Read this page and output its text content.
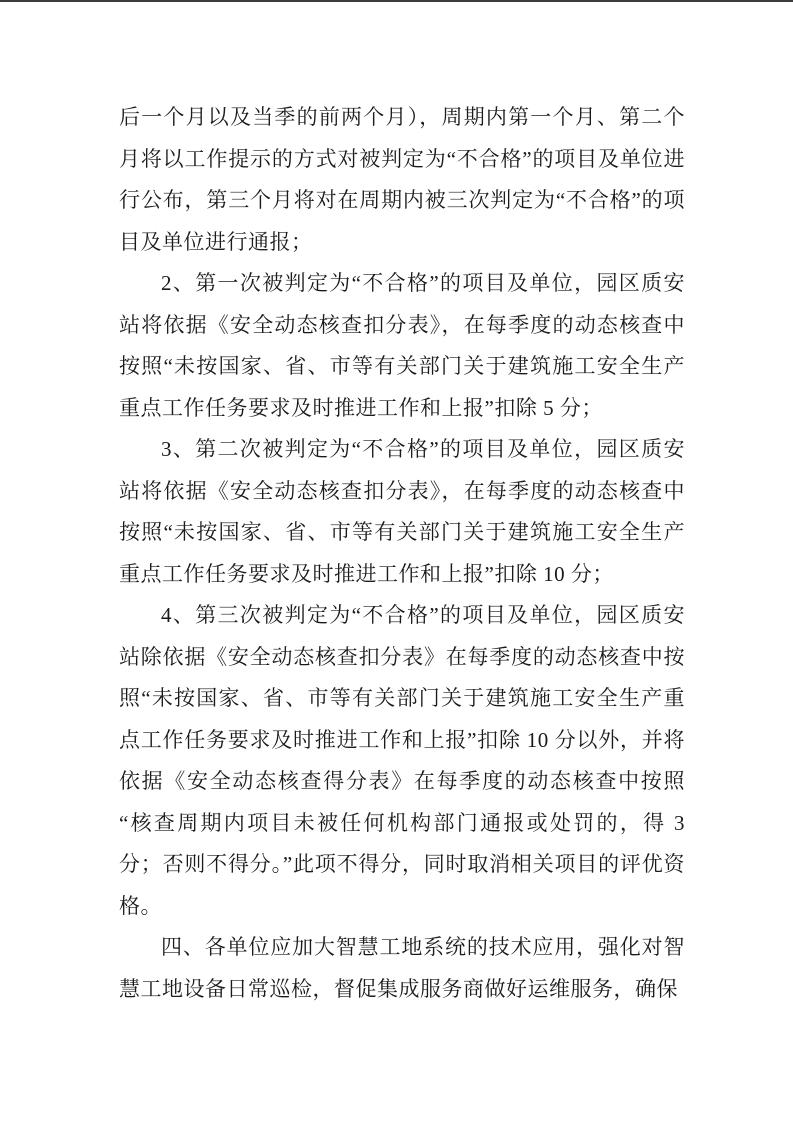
后一个月以及当季的前两个月），周期内第一个月、第二个月将以工作提示的方式对被判定为“不合格”的项目及单位进行公布，第三个月将对在周期内被三次判定为“不合格”的项目及单位进行通报；

2、第一次被判定为“不合格”的项目及单位，园区质安站将依据《安全动态核查扣分表》，在每季度的动态核查中按照“未按国家、省、市等有关部门关于建筑施工安全生产重点工作任务要求及时推进工作和上报”扣除 5 分；

3、第二次被判定为“不合格”的项目及单位，园区质安站将依据《安全动态核查扣分表》，在每季度的动态核查中按照“未按国家、省、市等有关部门关于建筑施工安全生产重点工作任务要求及时推进工作和上报”扣除 10 分；

4、第三次被判定为“不合格”的项目及单位，园区质安站除依据《安全动态核查扣分表》在每季度的动态核查中按照“未按国家、省、市等有关部门关于建筑施工安全生产重点工作任务要求及时推进工作和上报”扣除 10 分以外，并将依据《安全动态核查得分表》在每季度的动态核查中按照“核查周期内项目未被任何机构部门通报或处罚的，得 3 分；否则不得分。”此项不得分，同时取消相关项目的评优资格。

四、各单位应加大智慧工地系统的技术应用，强化对智慧工地设备日常巡检，督促集成服务商做好运维服务，确保
